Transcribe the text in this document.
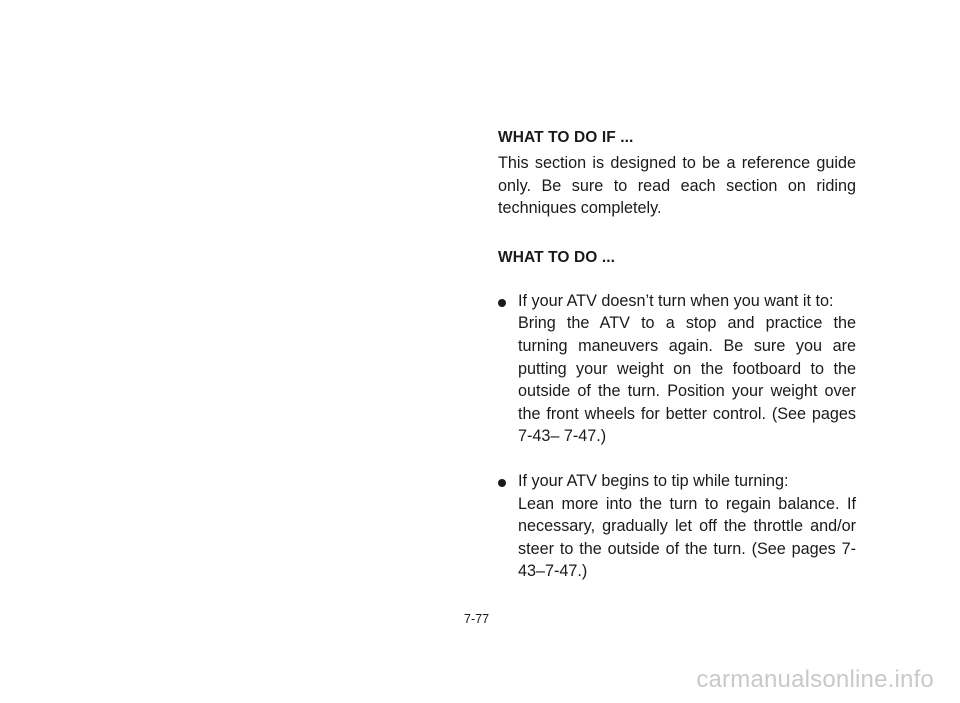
WHAT TO DO IF ...

This section is designed to be a reference guide only. Be sure to read each section on riding techniques completely.

WHAT TO DO ...

If your ATV doesn’t turn when you want it to:

Bring the ATV to a stop and practice the turning maneuvers again. Be sure you are putting your weight on the footboard to the outside of the turn. Position your weight over the front wheels for better control. (See pages 7-43– 7-47.)

If your ATV begins to tip while turning:

Lean more into the turn to regain balance. If necessary, gradually let off the throttle and/or steer to the outside of the turn. (See pages 7-43–7-47.)

7-77
carmanualsonline.info
